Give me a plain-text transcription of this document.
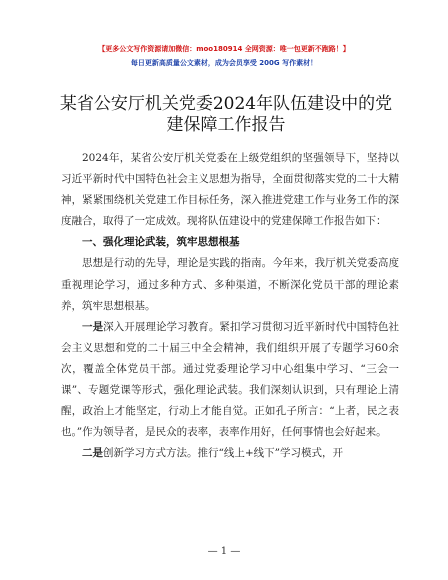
【更多公文写作资源请加微信：moo180914 全网资源：唯一包更新不跑路！】
每日更新高质量公文素材，成为会员享受 200G 写作素材！
某省公安厅机关党委2024年队伍建设中的党建保障工作报告

2024年，某省公安厅机关党委在上级党组织的坚强领导下，坚持以习近平新时代中国特色社会主义思想为指导，全面贯彻落实党的二十大精神，紧紧围绕机关党建工作目标任务，深入推进党建工作与业务工作的深度融合，取得了一定成效。现将队伍建设中的党建保障工作报告如下：

一、强化理论武装，筑牢思想根基

思想是行动的先导，理论是实践的指南。今年来，我厅机关党委高度重视理论学习，通过多种方式、多种渠道，不断深化党员干部的理论素养，筑牢思想根基。

一是深入开展理论学习教育。紧扣学习贯彻习近平新时代中国特色社会主义思想和党的二十届三中全会精神，我们组织开展了专题学习60余次，覆盖全体党员干部。通过党委理论学习中心组集中学习、“三会一课”、专题党课等形式，强化理论武装。我们深刻认识到，只有理论上清醒，政治上才能坚定，行动上才能自觉。正如孔子所言：“上者，民之表也。”作为领导者，是民众的表率，表率作用好，任何事情也会好起来。

二是创新学习方式方法。推行“线上+线下”学习模式，开

— 1 —
